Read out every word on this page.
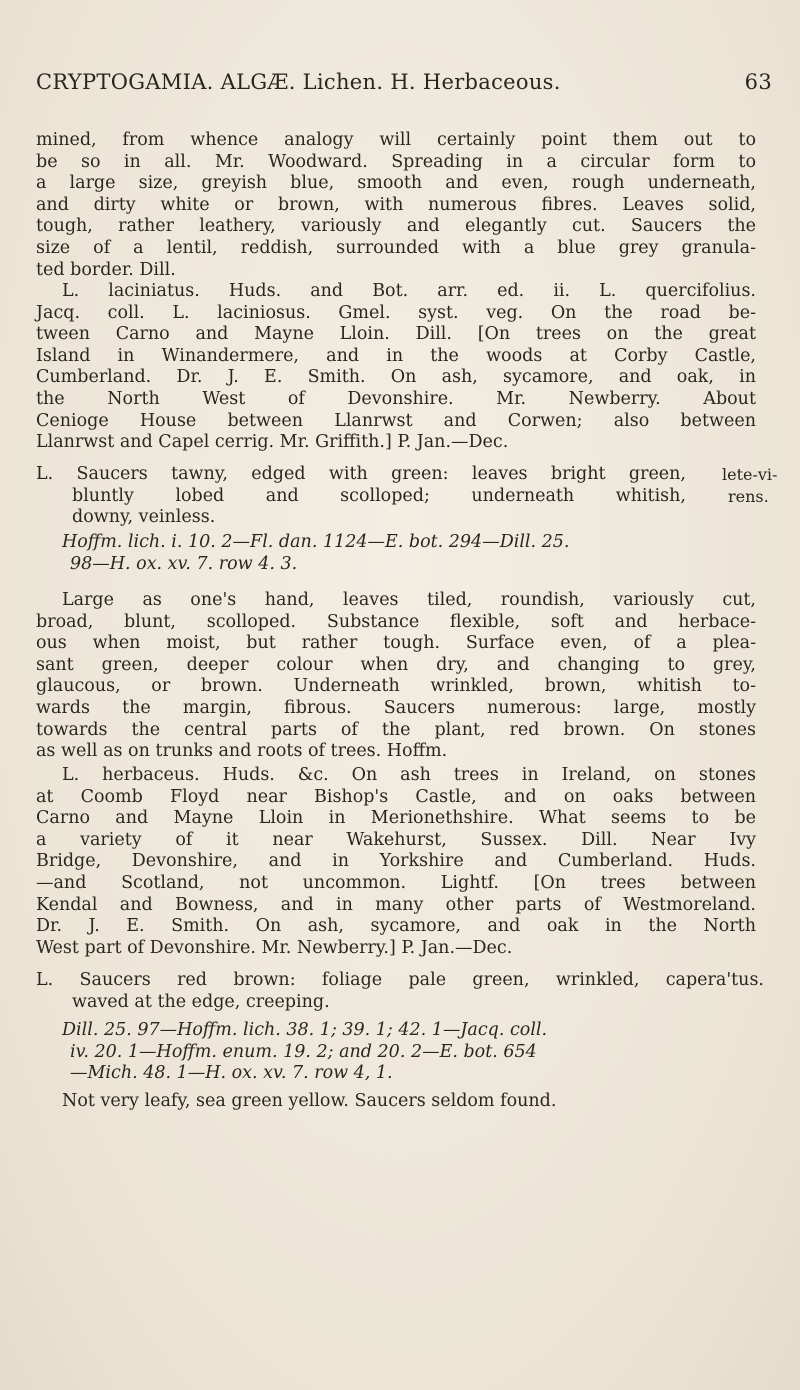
CRYPTOGAMIA. ALGÆ. Lichen. H. Herbaceous.	63
mined, from whence analogy will certainly point them out to
be so in all. Mr. Woodward. Spreading in a circular form to
a large size, greyish blue, smooth and even, rough underneath,
and dirty white or brown, with numerous fibres. Leaves solid,
tough, rather leathery, variously and elegantly cut. Saucers the
size of a lentil, reddish, surrounded with a blue grey granula-
ted border. Dill.
L. laciniatus. Huds. and Bot. arr. ed. ii. L. quercifolius.
Jacq. coll. L. laciniosus. Gmel. syst. veg. On the road be-
tween Carno and Mayne Lloin. Dill. [On trees on the great
Island in Winandermere, and in the woods at Corby Castle,
Cumberland. Dr. J. E. Smith. On ash, sycamore, and oak, in
the North West of Devonshire. Mr. Newberry. About
Cenioge House between Llanrwst and Corwen; also between
Llanrwst and Capel cerrig. Mr. Griffith.] P. Jan.—Dec.
L. Saucers tawny, edged with green: leaves bright green,
bluntly lobed and scolloped; underneath whitish,
downy, veinless.
lete-vi-
rens.
Hoffm. lich. i. 10. 2—Fl. dan. 1124—E. bot. 294—Dill. 25.
98—H. ox. xv. 7. row 4. 3.
Large as one's hand, leaves tiled, roundish, variously cut,
broad, blunt, scolloped. Substance flexible, soft and herbace-
ous when moist, but rather tough. Surface even, of a plea-
sant green, deeper colour when dry, and changing to grey,
glaucous, or brown. Underneath wrinkled, brown, whitish to-
wards the margin, fibrous. Saucers numerous: large, mostly
towards the central parts of the plant, red brown. On stones
as well as on trunks and roots of trees. Hoffm.
L. herbaceus. Huds. &c. On ash trees in Ireland, on stones
at Coomb Floyd near Bishop's Castle, and on oaks between
Carno and Mayne Lloin in Merionethshire. What seems to be
a variety of it near Wakehurst, Sussex. Dill. Near Ivy
Bridge, Devonshire, and in Yorkshire and Cumberland. Huds.
—and Scotland, not uncommon. Lightf. [On trees between
Kendal and Bowness, and in many other parts of Westmoreland.
Dr. J. E. Smith. On ash, sycamore, and oak in the North
West part of Devonshire. Mr. Newberry.] P. Jan.—Dec.
L. Saucers red brown: foliage pale green, wrinkled, capera'tus.
waved at the edge, creeping.
Dill. 25. 97—Hoffm. lich. 38. 1; 39. 1; 42. 1—Jacq. coll.
iv. 20. 1—Hoffm. enum. 19. 2; and 20. 2—E. bot. 654
—Mich. 48. 1—H. ox. xv. 7. row 4, 1.
Not very leafy, sea green yellow. Saucers seldom found.
